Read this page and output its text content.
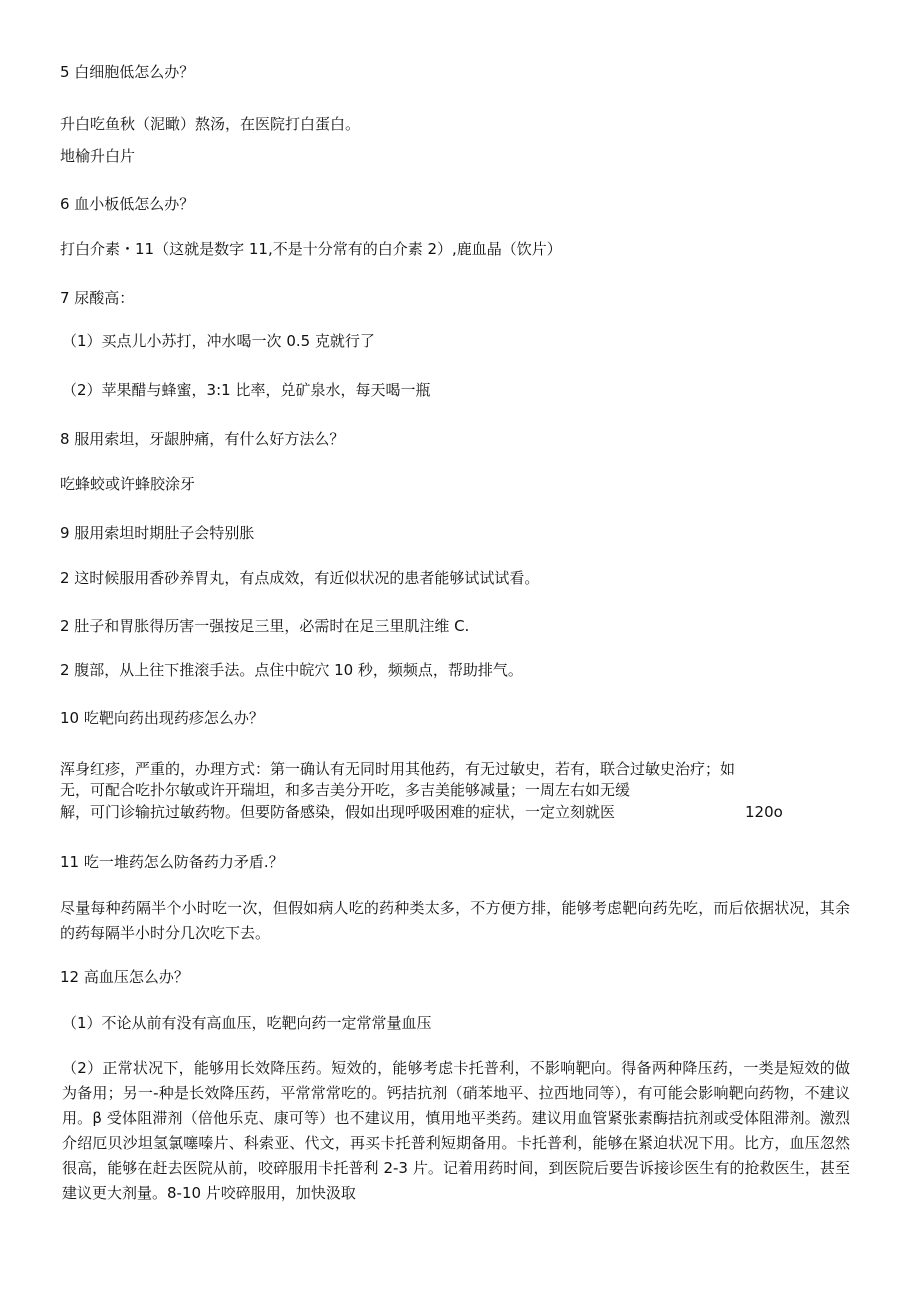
5 白细胞低怎么办？

升白吃鱼秋（泥瞰）熬汤，在医院打白蛋白。

地榆升白片

6 血小板低怎么办？

打白介素・11（这就是数字 11,不是十分常有的白介素 2）,鹿血晶（饮片）

7 尿酸高：

（1）买点儿小苏打，冲水喝一次 0.5 克就行了

（2）苹果醋与蜂蜜，3:1 比率，兑矿泉水，每天喝一瓶

8 服用索坦，牙龈肿痛，有什么好方法么？

吃蜂蛟或许蜂胶涂牙

9 服用索坦时期肚子会特别胀

2 这时候服用香砂养胃丸，有点成效，有近似状况的患者能够试试试看。

2 肚子和胃胀得历害一强按足三里，必需时在足三里肌注维 C.

2 腹部，从上往下推滚手法。点住中皖穴 10 秒，频频点，帮助排气。

10 吃靶向药出现药疹怎么办？

浑身红疹，严重的，办理方式：第一确认有无同时用其他药，有无过敏史，若有，联合过敏史治疗；如

无，可配合吃扑尔敏或许开瑞坦，和多吉美分开吃，多吉美能够减量；一周左右如无缓

解，可门诊输抗过敏药物。但要防备感染，假如出现呼吸困难的症状，一定立刻就医	120o

11 吃一堆药怎么防备药力矛盾.？

尽量每种药隔半个小时吃一次，但假如病人吃的药种类太多，不方便方排，能够考虑靶向药先吃，而后依据状况，其余的药每隔半小时分几次吃下去。

12 高血压怎么办？

（1）不论从前有没有高血压，吃靶向药一定常常量血压

（2）正常状况下，能够用长效降压药。短效的，能够考虑卡托普利，不影响靶向。得备两种降压药，一类是短效的做为备用；另一-种是长效降压药，平常常常吃的。钙拮抗剂（硝苯地平、拉西地同等），有可能会影响靶向药物，不建议用。β 受体阻滞剂（倍他乐克、康可等）也不建议用，慎用地平类药。建议用血管紧张素酶拮抗剂或受体阻滞剂。激烈介绍厄贝沙坦氢氯噻嗪片、科索亚、代文，再买卡托普利短期备用。卡托普利，能够在紧迫状况下用。比方，血压忽然很高，能够在赶去医院从前，咬碎服用卡托普利 2-3 片。记着用药时间，到医院后要告诉接诊医生有的抢救医生，甚至建议更大剂量。8-10 片咬碎服用，加快汲取
